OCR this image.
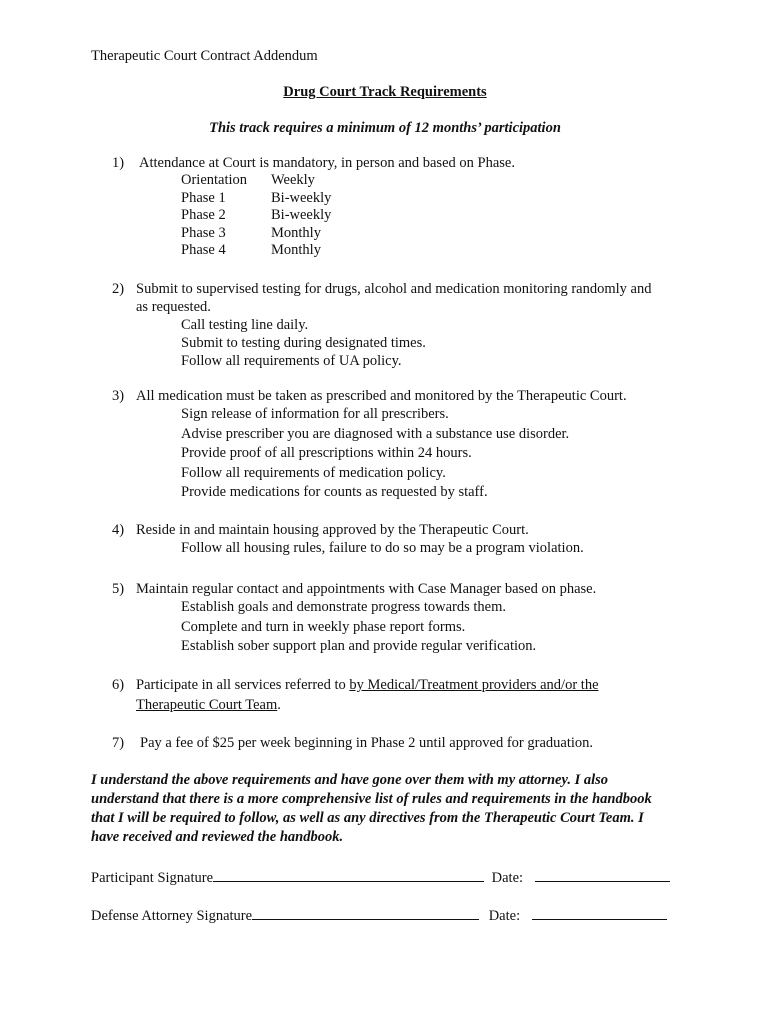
Therapeutic Court Contract Addendum
Drug Court Track Requirements
This track requires a minimum of 12 months’ participation
1) Attendance at Court is mandatory, in person and based on Phase.
Orientation	Weekly
Phase 1	Bi-weekly
Phase 2	Bi-weekly
Phase 3	Monthly
Phase 4	Monthly
2) Submit to supervised testing for drugs, alcohol and medication monitoring randomly and
as requested.
Call testing line daily.
Submit to testing during designated times.
Follow all requirements of UA policy.
3) All medication must be taken as prescribed and monitored by the Therapeutic Court.
Sign release of information for all prescribers.
Advise prescriber you are diagnosed with a substance use disorder.
Provide proof of all prescriptions within 24 hours.
Follow all requirements of medication policy.
Provide medications for counts as requested by staff.
4) Reside in and maintain housing approved by the Therapeutic Court.
Follow all housing rules, failure to do so may be a program violation.
5) Maintain regular contact and appointments with Case Manager based on phase.
Establish goals and demonstrate progress towards them.
Complete and turn in weekly phase report forms.
Establish sober support plan and provide regular verification.
6) Participate in all services referred to by Medical/Treatment providers and/or the
Therapeutic Court Team.
7) Pay a fee of $25 per week beginning in Phase 2 until approved for graduation.
I understand the above requirements and have gone over them with my attorney. I also
understand that there is a more comprehensive list of rules and requirements in the handbook
that I will be required to follow, as well as any directives from the Therapeutic Court Team. I
have received and reviewed the handbook.
Participant Signature	Date:
Defense Attorney Signature	Date:
